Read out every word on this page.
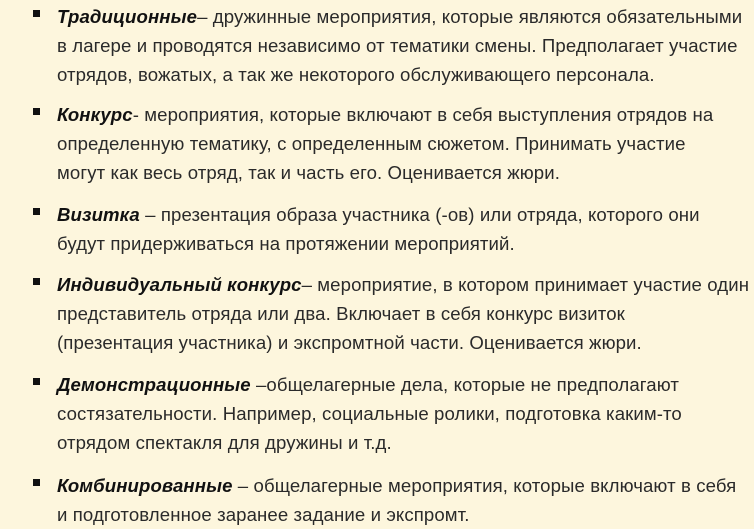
Традиционные– дружинные мероприятия, которые являются обязательными
в лагере и проводятся независимо от тематики смены. Предполагает участие
отрядов, вожатых, а так же некоторого обслуживающего персонала.
Конкурс- мероприятия, которые включают в себя выступления отрядов на
определенную тематику, с определенным сюжетом. Принимать участие
могут как весь отряд, так и часть его. Оценивается жюри.
Визитка – презентация образа участника (-ов) или отряда, которого они
будут придерживаться на протяжении мероприятий.
Индивидуальный конкурс– мероприятие, в котором принимает участие один
представитель отряда или два. Включает в себя конкурс визиток
(презентация участника) и экспромтной части. Оценивается жюри.
Демонстрационные –общелагерные дела, которые не предполагают
состязательности. Например, социальные ролики, подготовка каким-то
отрядом спектакля для дружины и т.д.
Комбинированные – общелагерные мероприятия, которые включают в себя
и подготовленное заранее задание и экспромт.
